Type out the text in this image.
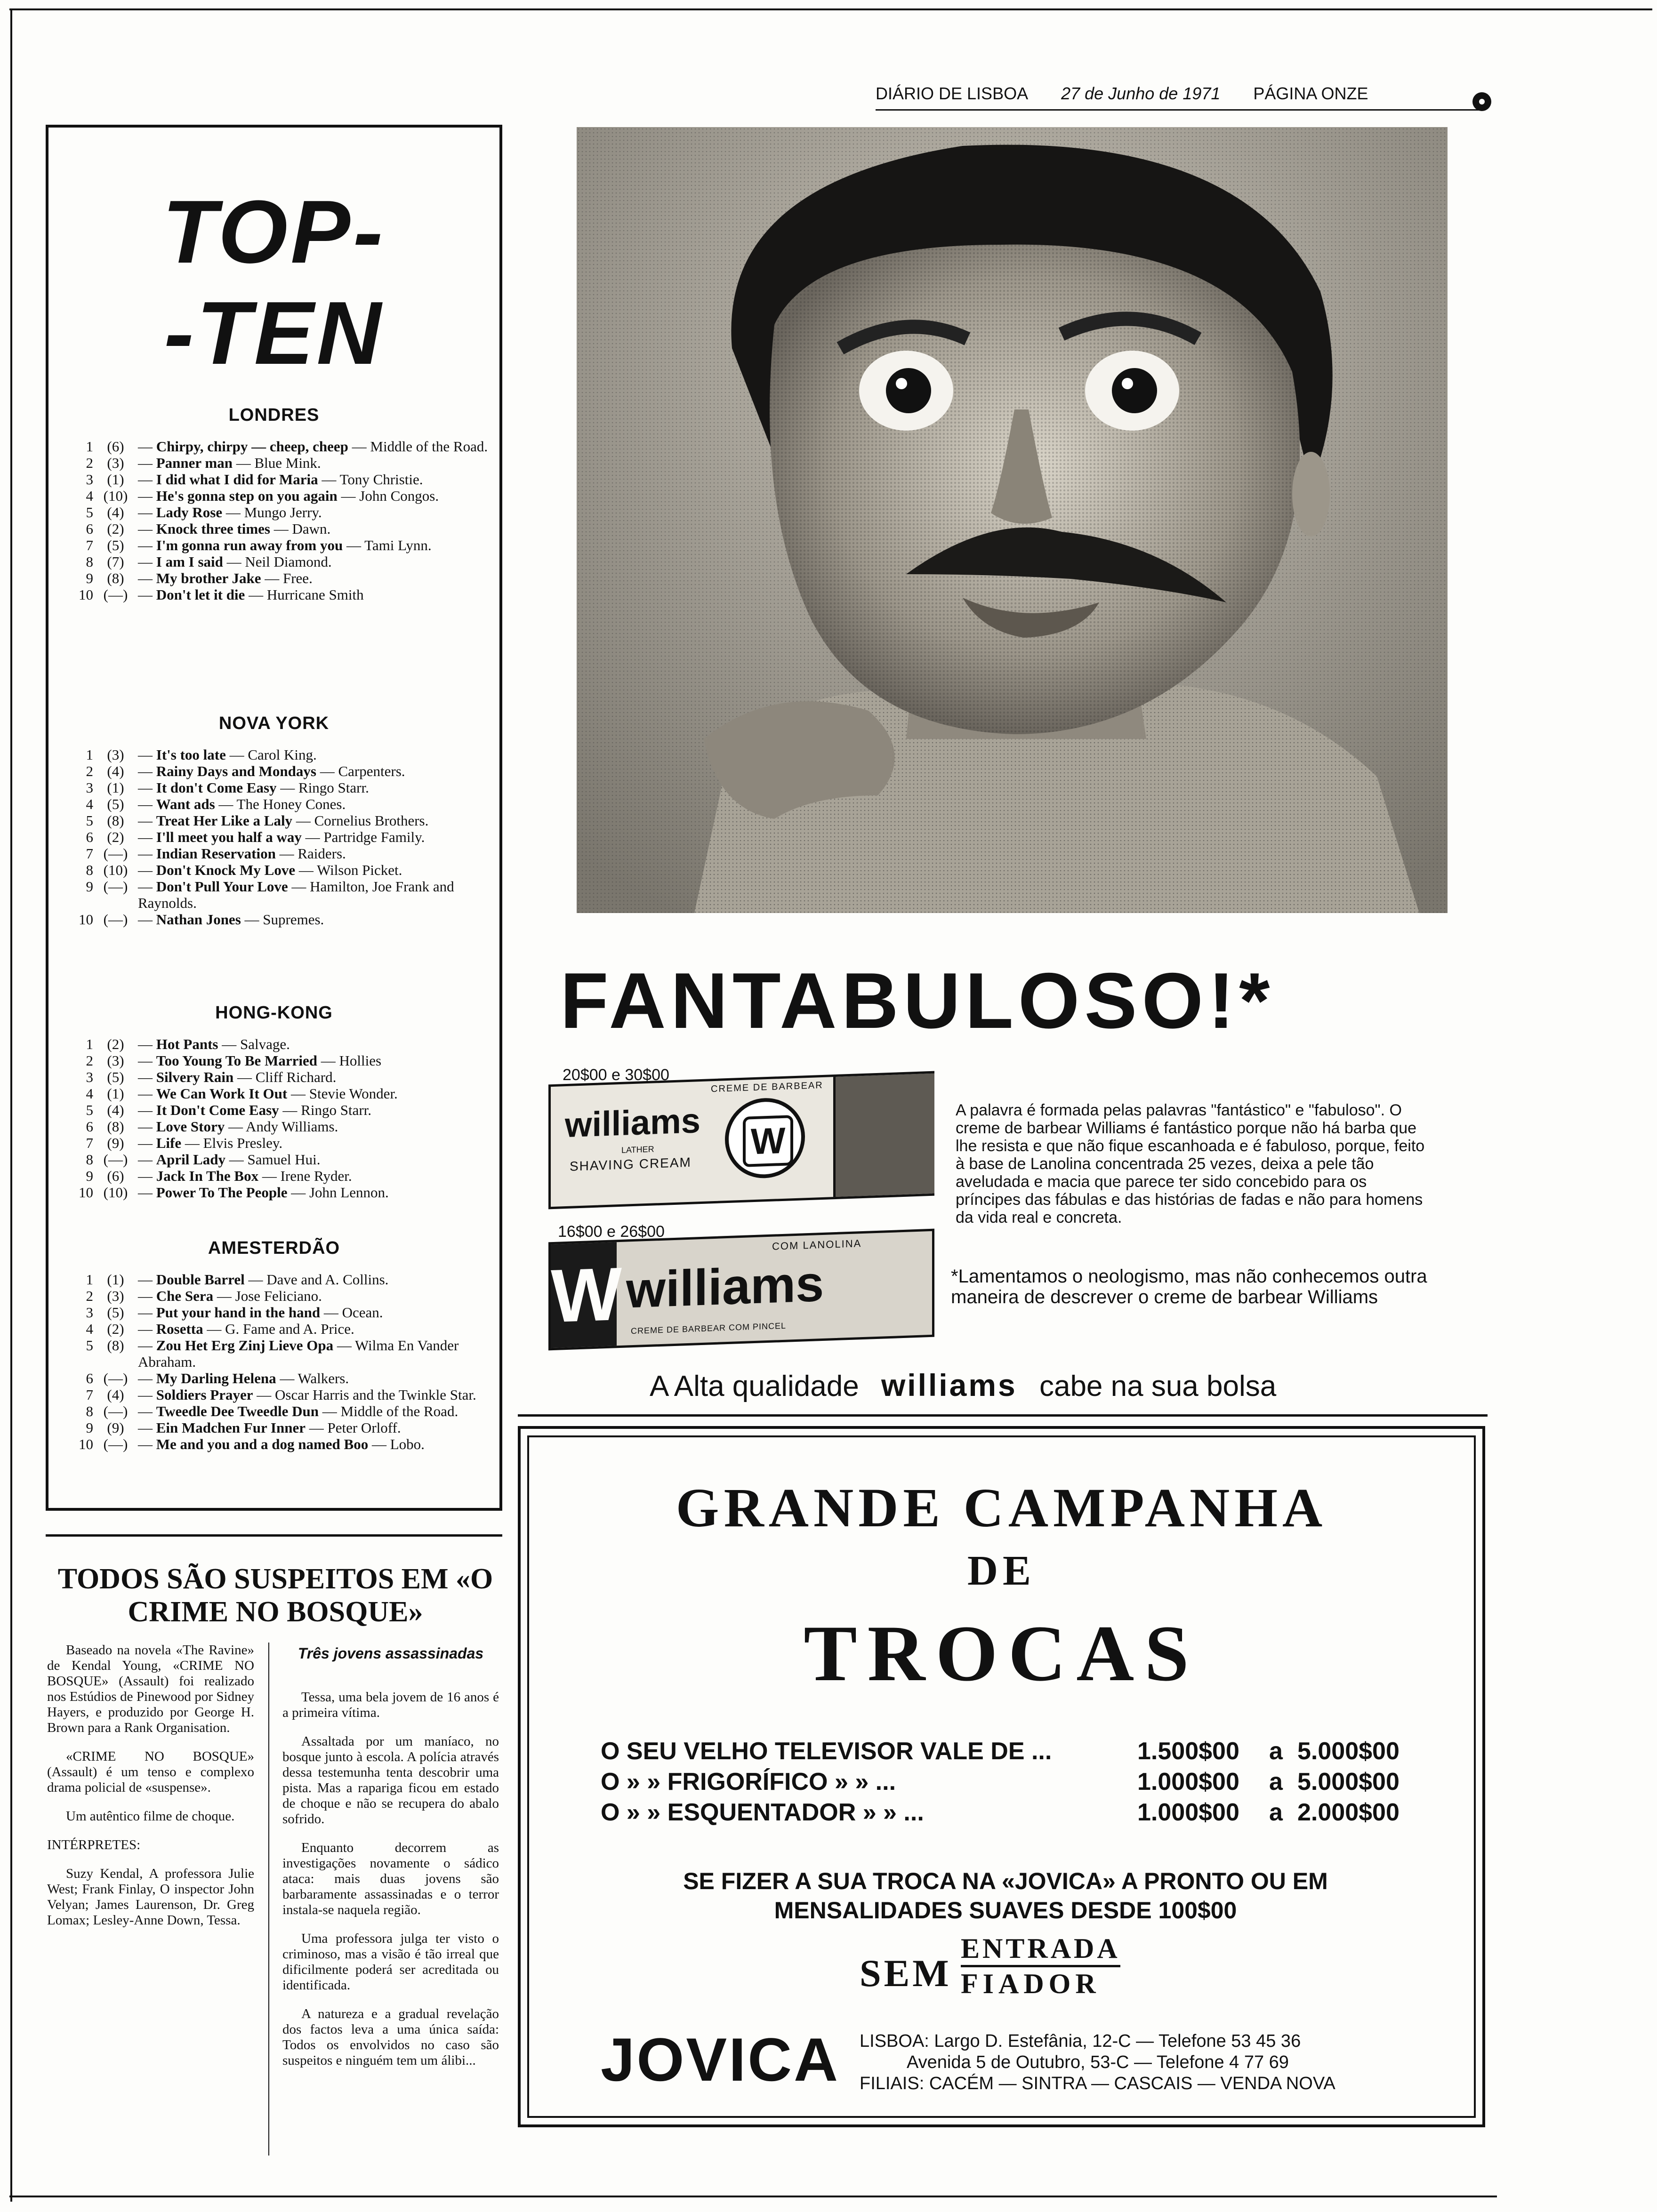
DIÁRIO DE LISBOA 27 de Junho de 1971 PÁGINA ONZE
TOP-
-TEN
LONDRES
1 (6) — Chirpy, chirpy — cheep, cheep — Middle of the Road.
2 (3) — Panner man — Blue Mink.
3 (1) — I did what I did for Maria — Tony Christie.
4 (10) — He's gonna step on you again — John Congos.
5 (4) — Lady Rose — Mungo Jerry.
6 (2) — Knock three times — Dawn.
7 (5) — I'm gonna run away from you — Tami Lynn.
8 (7) — I am I said — Neil Diamond.
9 (8) — My brother Jake — Free.
10 (—) — Don't let it die — Hurricane Smith
NOVA YORK
1 (3) — It's too late — Carol King.
2 (4) — Rainy Days and Mondays — Carpenters.
3 (1) — It don't Come Easy — Ringo Starr.
4 (5) — Want ads — The Honey Cones.
5 (8) — Treat Her Like a Laly — Cornelius Brothers.
6 (2) — I'll meet you half a way — Partridge Family.
7 (—) — Indian Reservation — Raiders.
8 (10) — Don't Knock My Love — Wilson Picket.
9 (—) — Don't Pull Your Love — Hamilton, Joe Frank and Raynolds.
10 (—) — Nathan Jones — Supremes.
HONG-KONG
1 (2) — Hot Pants — Salvage.
2 (3) — Too Young To Be Married — Hollies
3 (5) — Silvery Rain — Cliff Richard.
4 (1) — We Can Work It Out — Stevie Wonder.
5 (4) — It Don't Come Easy — Ringo Starr.
6 (8) — Love Story — Andy Williams.
7 (9) — Life — Elvis Presley.
8 (—) — April Lady — Samuel Hui.
9 (6) — Jack In The Box — Irene Ryder.
10 (10) — Power To The People — John Lennon.
AMESTERDÃO
1 (1) — Double Barrel — Dave and A. Collins.
2 (3) — Che Sera — Jose Feliciano.
3 (5) — Put your hand in the hand — Ocean.
4 (2) — Rosetta — G. Fame and A. Price.
5 (8) — Zou Het Erg Zinj Lieve Opa — Wilma En Vander Abraham.
6 (—) — My Darling Helena — Walkers.
7 (4) — Soldiers Prayer — Oscar Harris and the Twinkle Star.
8 (—) — Tweedle Dee Tweedle Dun — Middle of the Road.
9 (9) — Ein Madchen Fur Inner — Peter Orloff.
10 (—) — Me and you and a dog named Boo — Lobo.
TODOS SÃO SUSPEITOS EM «O CRIME NO BOSQUE»

Baseado na novela «The Ravine» de Kendal Young, «CRIME NO BOSQUE» (Assault) foi realizado nos Estúdios de Pinewood por Sidney Hayers, e produzido por George H. Brown para a Rank Organisation.

«CRIME NO BOSQUE» (Assault) é um tenso e complexo drama policial de «suspense».

Um autêntico filme de choque.

INTÉRPRETES:

Suzy Kendal, A professora Julie West; Frank Finlay, O inspector John Velyan; James Laurenson, Dr. Greg Lomax; Lesley-Anne Down, Tessa.

Três jovens assassinadas

Tessa, uma bela jovem de 16 anos é a primeira vítima.

Assaltada por um maníaco, no bosque junto à escola. A polícia através dessa testemunha tenta descobrir uma pista. Mas a rapariga ficou em estado de choque e não se recupera do abalo sofrido.

Enquanto decorrem as investigações novamente o sádico ataca: mais duas jovens são barbaramente assassinadas e o terror instala-se naquela região.

Uma professora julga ter visto o criminoso, mas a visão é tão irreal que dificilmente poderá ser acreditada ou identificada.

A natureza e a gradual revelação dos factos leva a uma única saída: Todos os envolvidos no caso são suspeitos e ninguém tem um álibi...

FANTABULOSO!*
20$00 e 30$00
CREME DE BARBEAR
williams
LATHER
SHAVING CREAM
W
16$00 e 26$00
W
COM LANOLINA
williams
CREME DE BARBEAR COM PINCEL
A palavra é formada pelas palavras "fantástico" e "fabuloso". O creme de barbear Williams é fantástico porque não há barba que lhe resista e que não fique escanhoada e é fabuloso, porque, feito à base de Lanolina concentrada 25 vezes, deixa a pele tão aveludada e macia que parece ter sido concebido para os príncipes das fábulas e das histórias de fadas e não para homens da vida real e concreta.
*Lamentamos o neologismo, mas não conhecemos outra maneira de descrever o creme de barbear Williams
A Alta qualidade williams cabe na sua bolsa
GRANDE CAMPANHA
DE
TROCAS
O SEU VELHO TELEVISOR VALE DE ...	1.500$00 a 5.000$00
O » » FRIGORÍFICO » » ...	1.000$00 a 5.000$00
O » » ESQUENTADOR » » ...	1.000$00 a 2.000$00
SE FIZER A SUA TROCA NA «JOVICA» A PRONTO OU EM MENSALIDADES SUAVES DESDE 100$00
SEM
ENTRADA
FIADOR
JOVICA LISBOA: Largo D. Estefânia, 12-C — Telefone 53 45 36
Avenida 5 de Outubro, 53-C — Telefone 4 77 69
FILIAIS: CACÉM — SINTRA — CASCAIS — VENDA NOVA
